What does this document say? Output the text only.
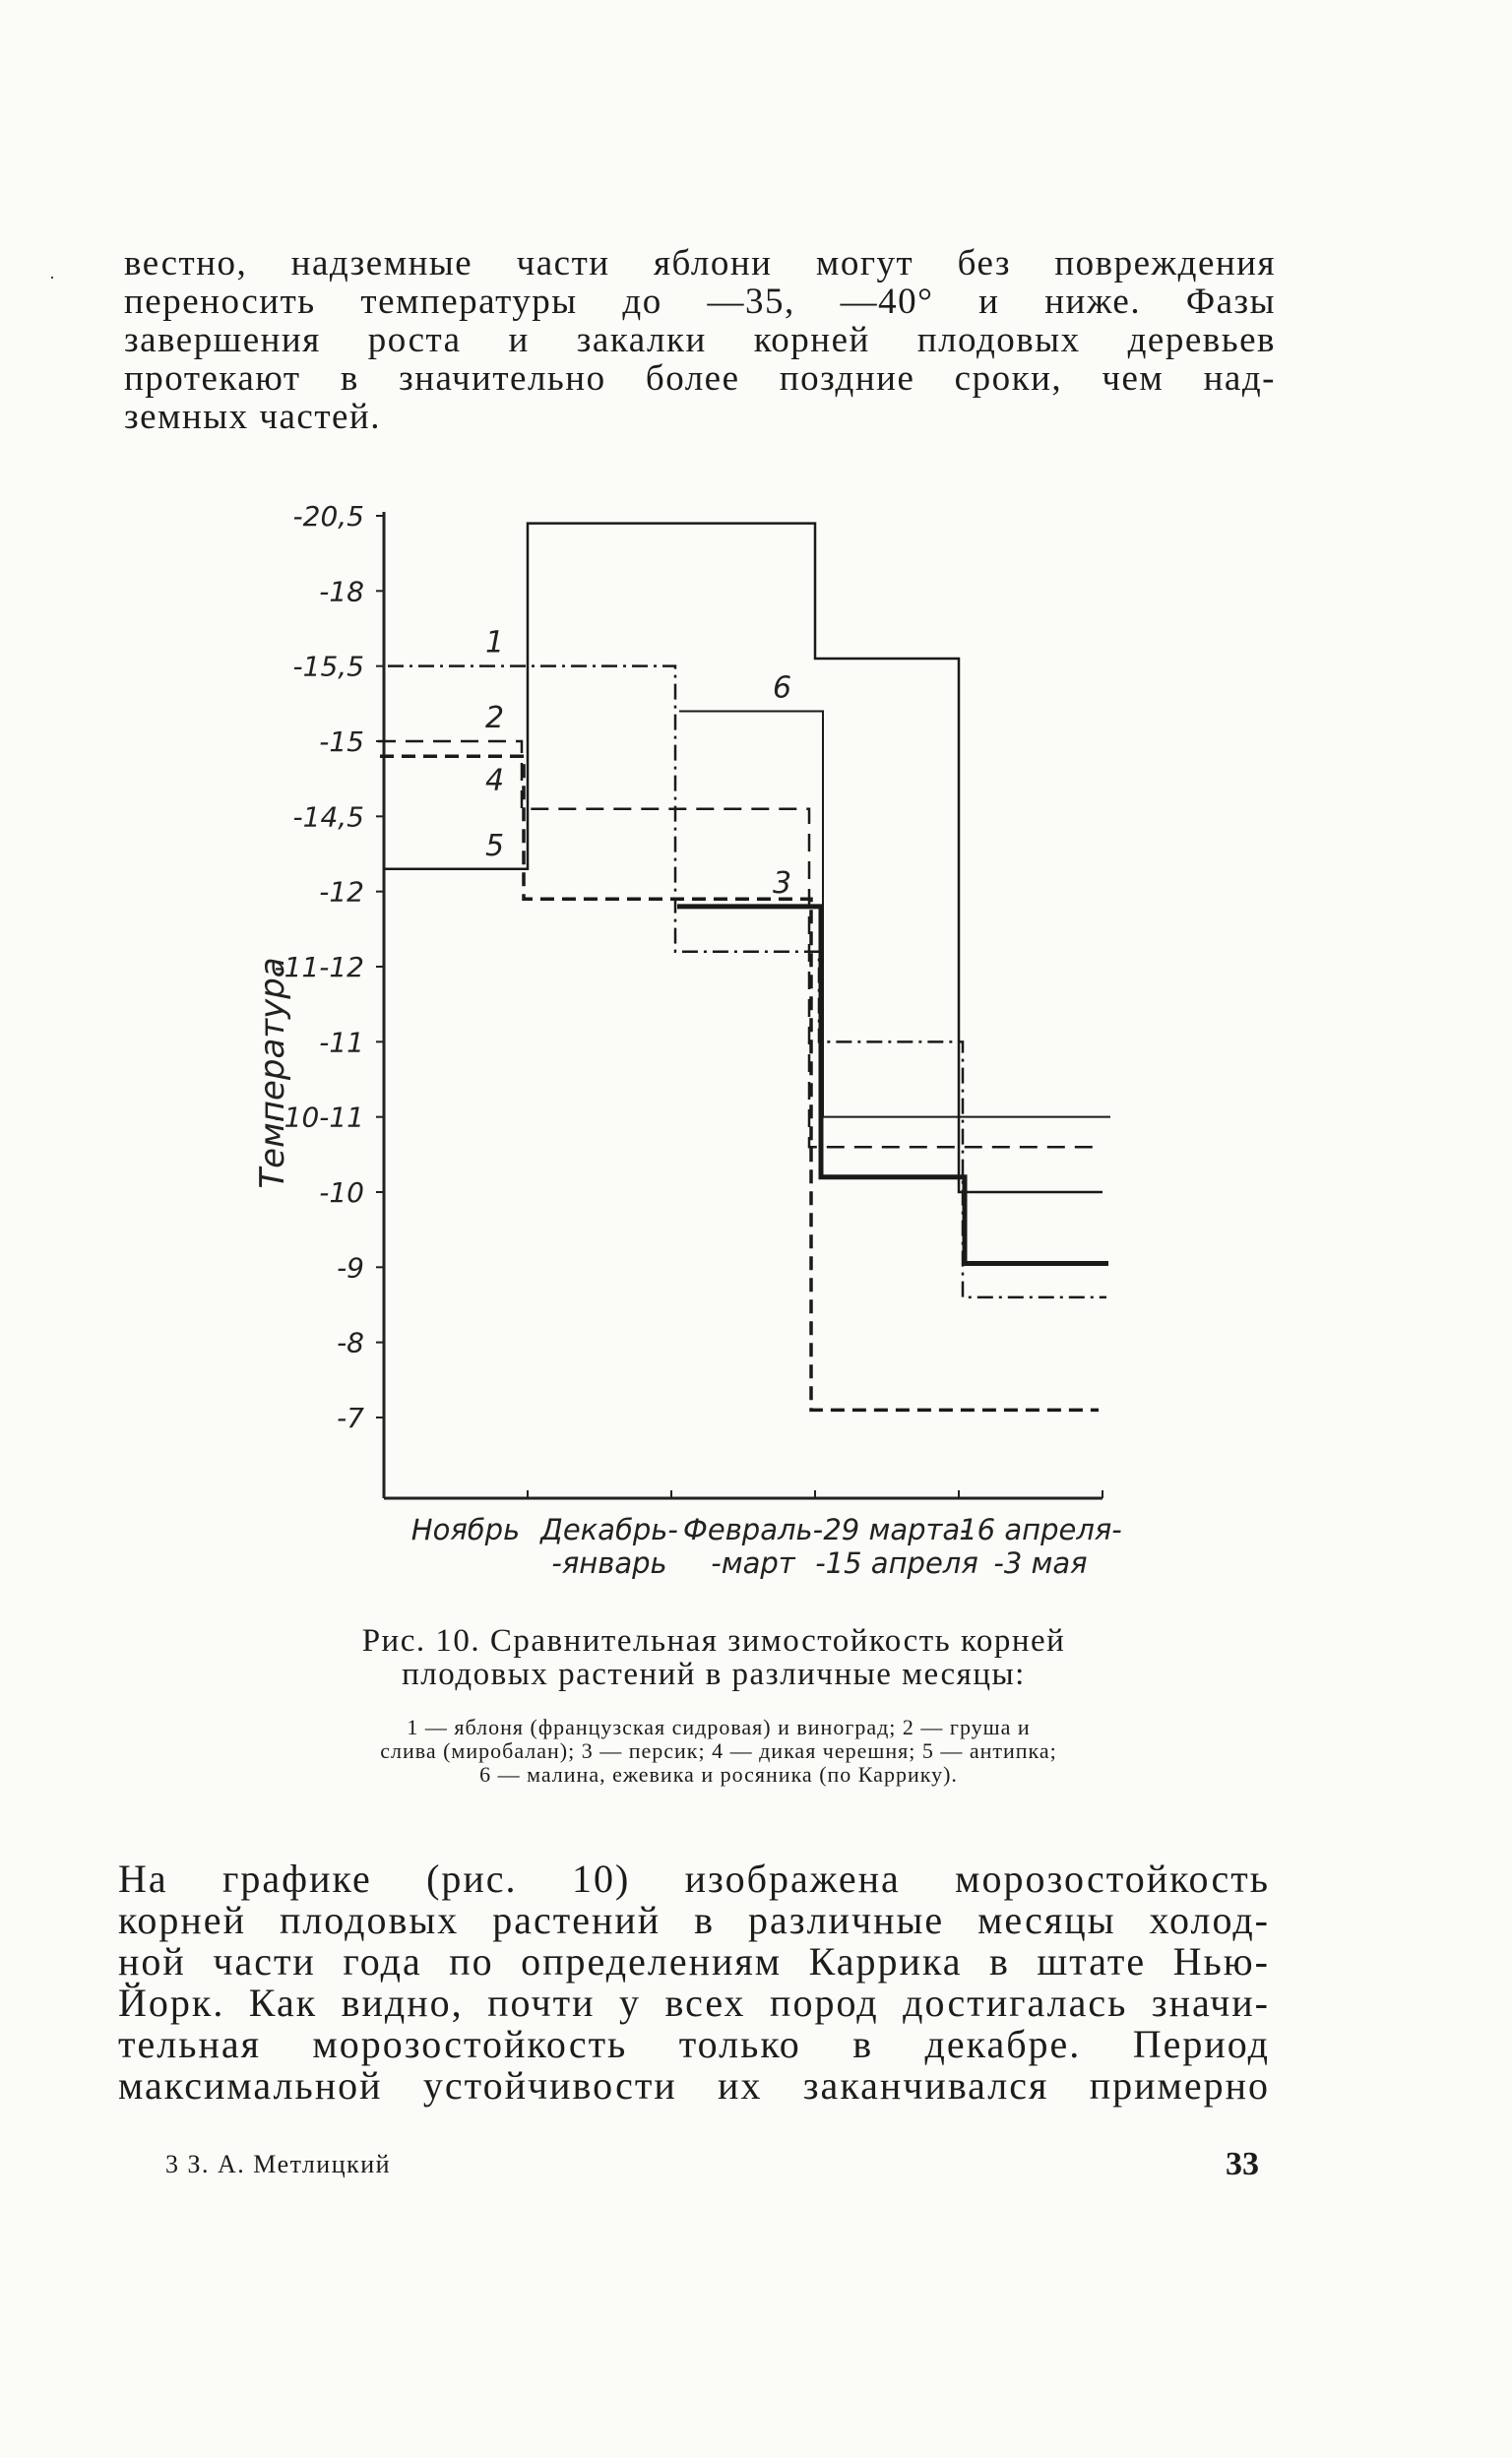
· вестно, надземные части яблони могут без повреждения
переносить температуры до —35, —40° и ниже. Фазы
завершения роста и закалки корней плодовых деревьев
протекают в значительно более поздние сроки, чем над-
земных частей.
Температура
-20,5
-18
-15,5
-15
-14,5
-12
-11-12
-11
-10-11
-10
-9
-8
-7
Ноябрь Декабрь-
-январь
Февраль-
-март
29 марта-
-15 апреля
16 апреля-
-3 мая
1
2
3
4
5
6
Рис. 10. Сравнительная зимостойкость корней
плодовых растений в различные месяцы:
1 — яблоня (французская сидровая) и виноград; 2 — груша и
слива (миробалан); 3 — персик; 4 — дикая черешня; 5 — антипка;
6 — малина, ежевика и росяника (по Каррику).
На графике (рис. 10) изображена морозостойкость
корней плодовых растений в различные месяцы холод-
ной части года по определениям Каррика в штате Нью-
Йорк. Как видно, почти у всех пород достигалась значи-
тельная морозостойкость только в декабре. Период
максимальной устойчивости их заканчивался примерно
3 З. А. Метлицкий	33
